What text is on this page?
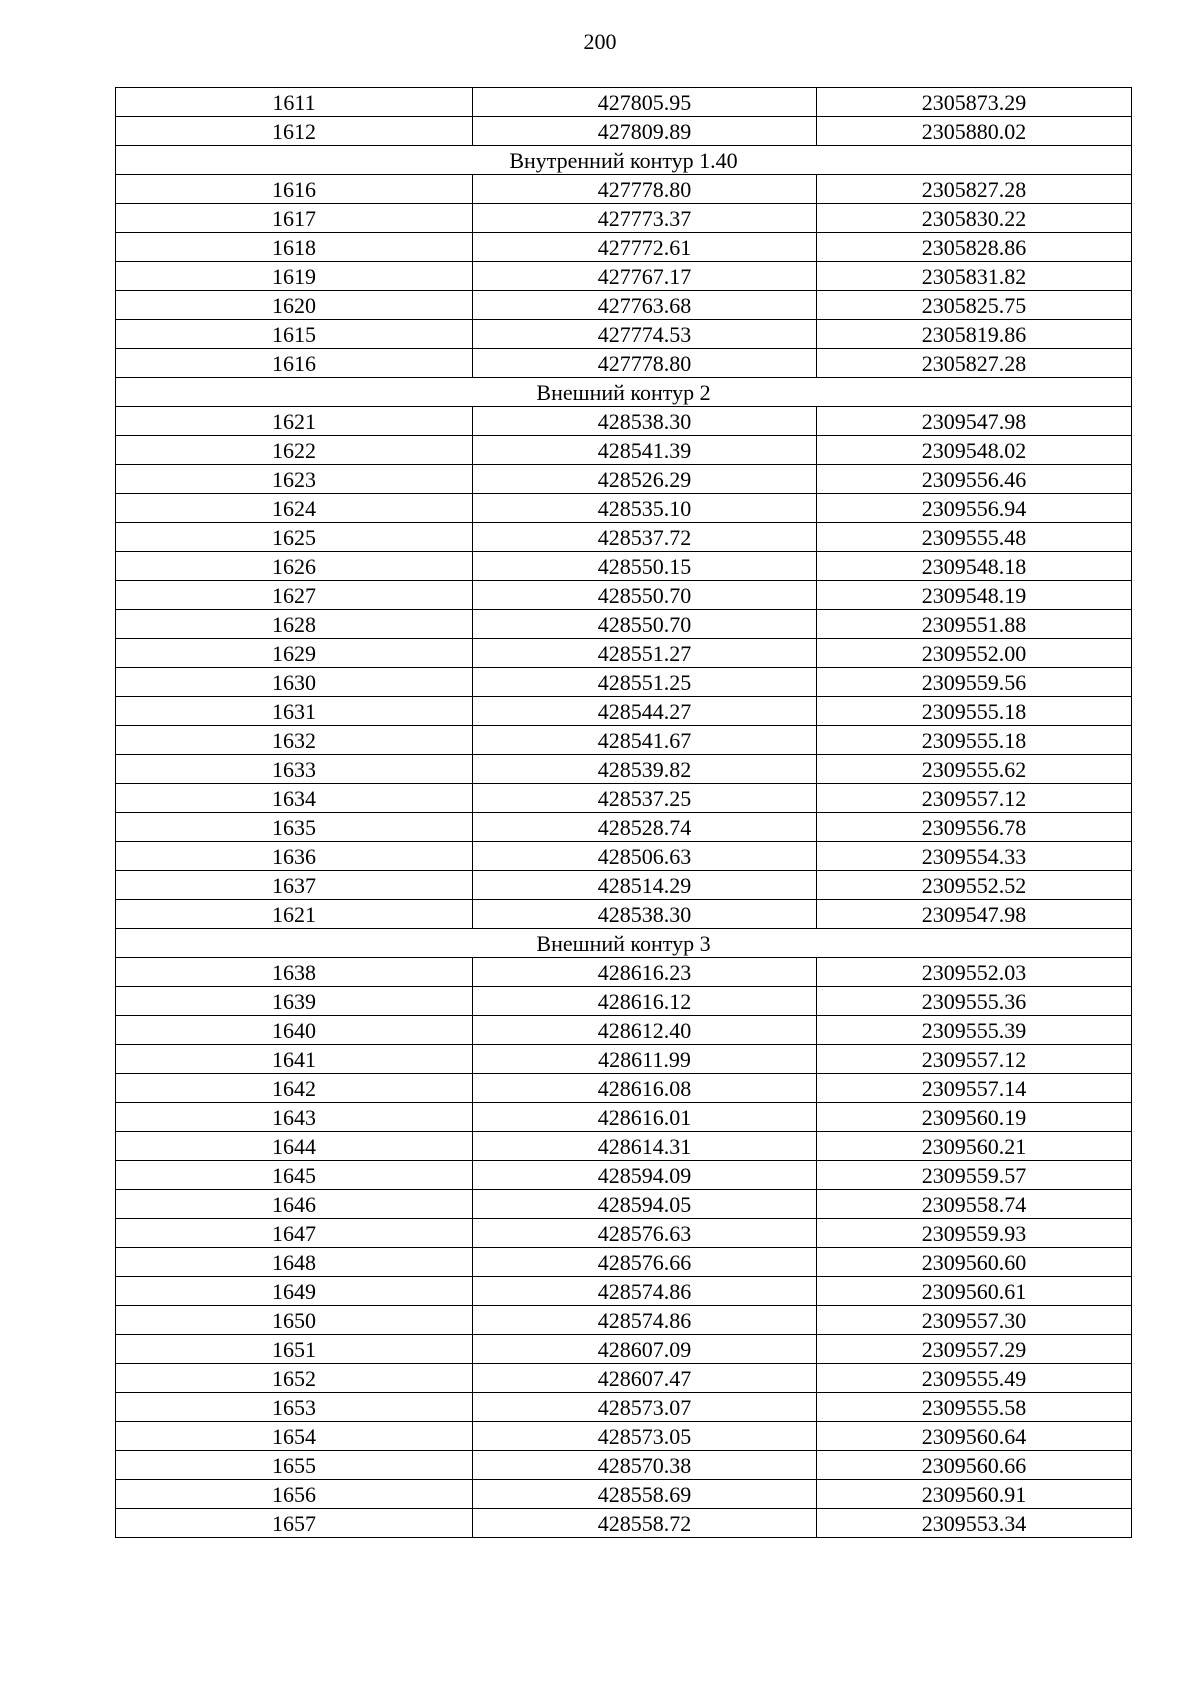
200
1611	427805.95	2305873.29
1612	427809.89	2305880.02
Внутренний контур 1.40		
1616	427778.80	2305827.28
1617	427773.37	2305830.22
1618	427772.61	2305828.86
1619	427767.17	2305831.82
1620	427763.68	2305825.75
1615	427774.53	2305819.86
1616	427778.80	2305827.28
Внешний контур 2		
1621	428538.30	2309547.98
1622	428541.39	2309548.02
1623	428526.29	2309556.46
1624	428535.10	2309556.94
1625	428537.72	2309555.48
1626	428550.15	2309548.18
1627	428550.70	2309548.19
1628	428550.70	2309551.88
1629	428551.27	2309552.00
1630	428551.25	2309559.56
1631	428544.27	2309555.18
1632	428541.67	2309555.18
1633	428539.82	2309555.62
1634	428537.25	2309557.12
1635	428528.74	2309556.78
1636	428506.63	2309554.33
1637	428514.29	2309552.52
1621	428538.30	2309547.98
Внешний контур 3		
1638	428616.23	2309552.03
1639	428616.12	2309555.36
1640	428612.40	2309555.39
1641	428611.99	2309557.12
1642	428616.08	2309557.14
1643	428616.01	2309560.19
1644	428614.31	2309560.21
1645	428594.09	2309559.57
1646	428594.05	2309558.74
1647	428576.63	2309559.93
1648	428576.66	2309560.60
1649	428574.86	2309560.61
1650	428574.86	2309557.30
1651	428607.09	2309557.29
1652	428607.47	2309555.49
1653	428573.07	2309555.58
1654	428573.05	2309560.64
1655	428570.38	2309560.66
1656	428558.69	2309560.91
1657	428558.72	2309553.34
